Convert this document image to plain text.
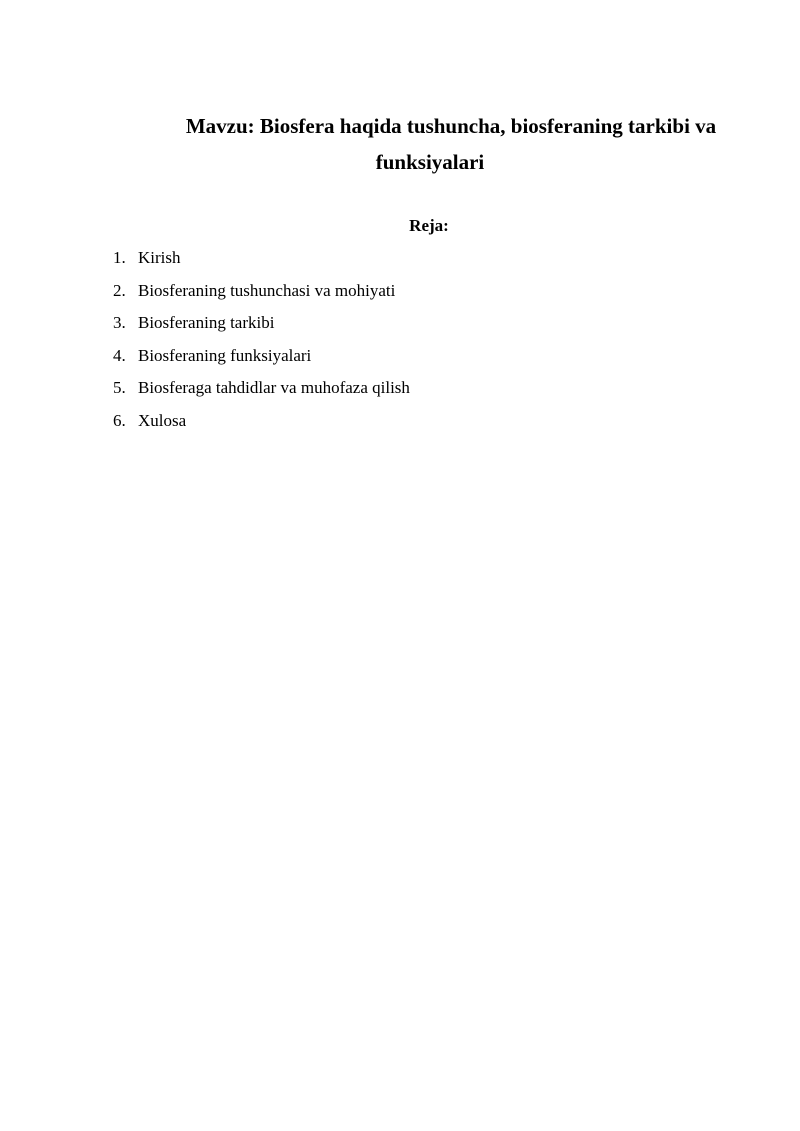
Mavzu: Biosfera haqida tushuncha, biosferaning tarkibi va
funksiyalari
Reja:
1. Kirish
2. Biosferaning tushunchasi va mohiyati
3. Biosferaning tarkibi
4. Biosferaning funksiyalari
5. Biosferaga tahdidlar va muhofaza qilish
6. Xulosa
